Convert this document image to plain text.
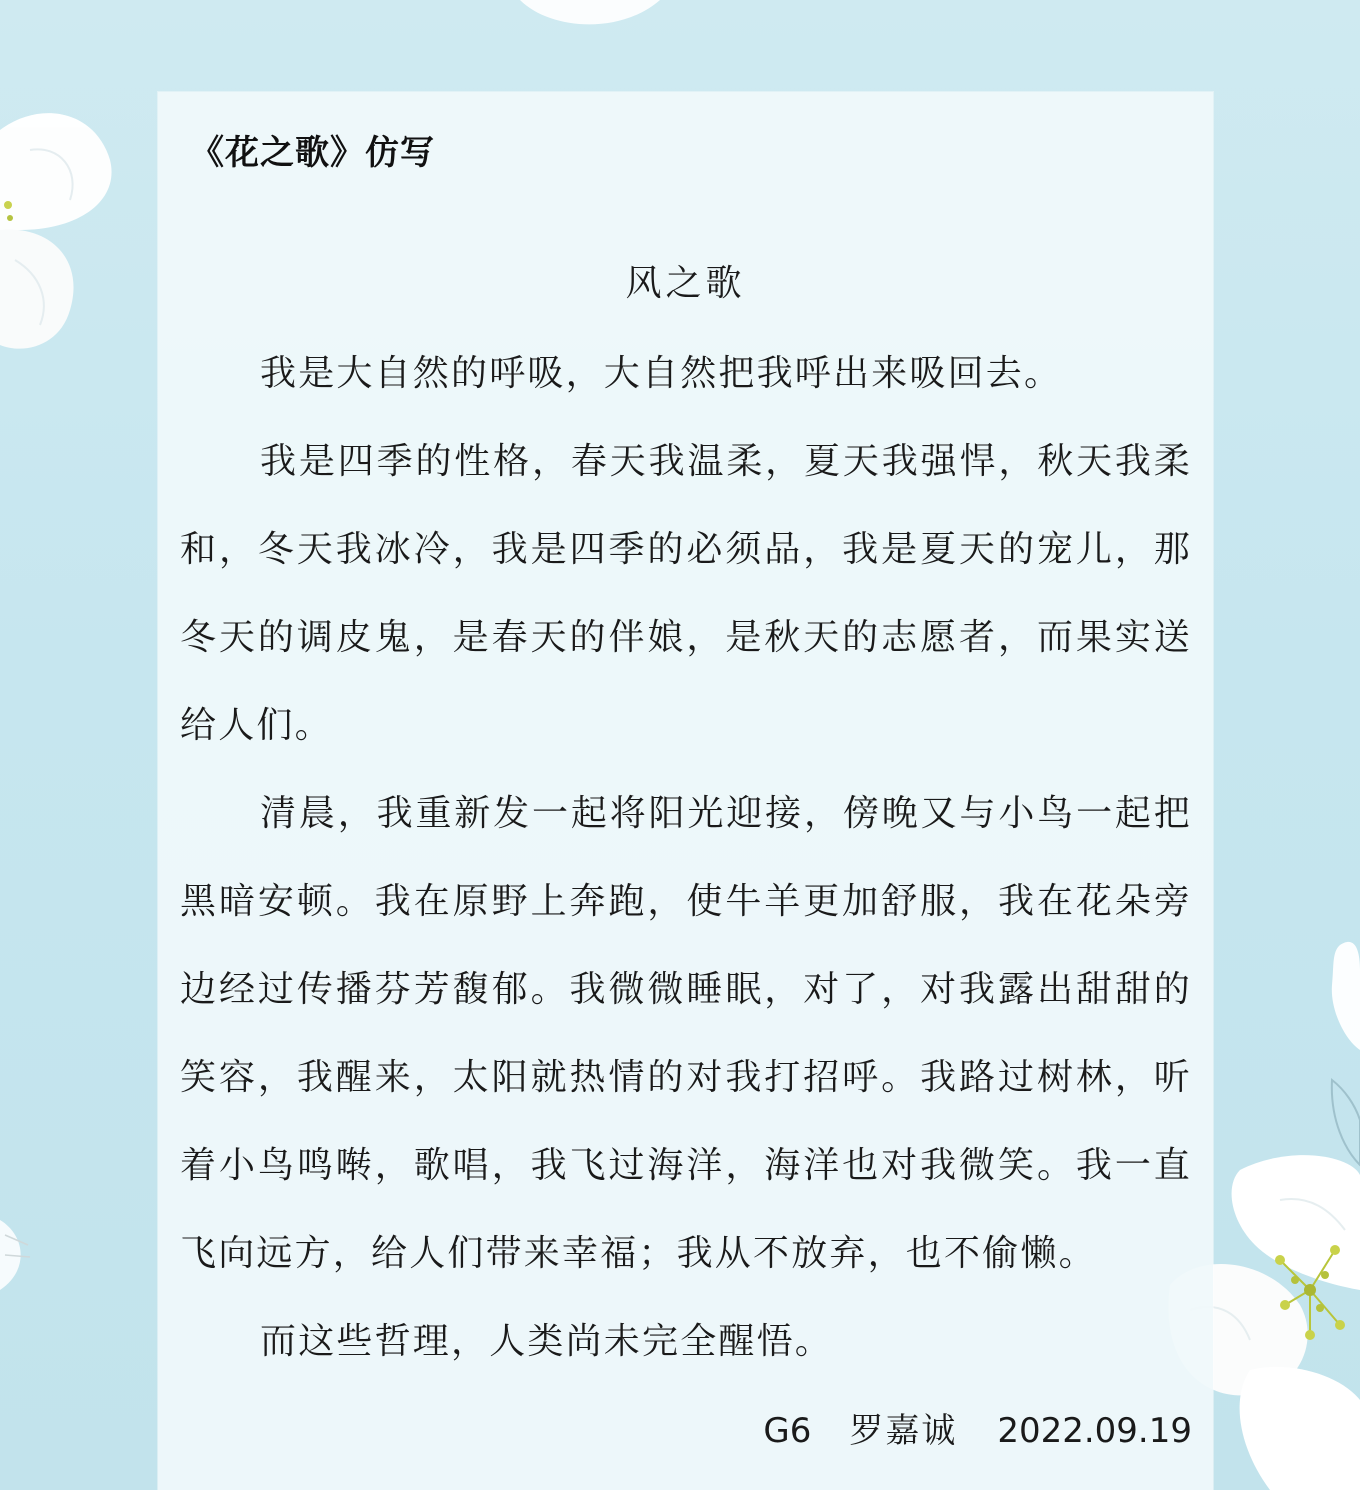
《花之歌》仿写
风之歌

我是大自然的呼吸，大自然把我呼出来吸回去。

我是四季的性格，春天我温柔，夏天我强悍，秋天我柔和，冬天我冰冷，我是四季的必须品，我是夏天的宠儿，那冬天的调皮鬼，是春天的伴娘，是秋天的志愿者，而果实送给人们。

清晨，我重新发一起将阳光迎接，傍晚又与小鸟一起把黑暗安顿。我在原野上奔跑，使牛羊更加舒服，我在花朵旁边经过传播芬芳馥郁。我微微睡眠，对了，对我露出甜甜的笑容，我醒来，太阳就热情的对我打招呼。我路过树林，听着小鸟鸣啭，歌唱，我飞过海洋，海洋也对我微笑。我一直飞向远方，给人们带来幸福；我从不放弃，也不偷懒。

而这些哲理，人类尚未完全醒悟。

G6 罗嘉诚 2022.09.19
